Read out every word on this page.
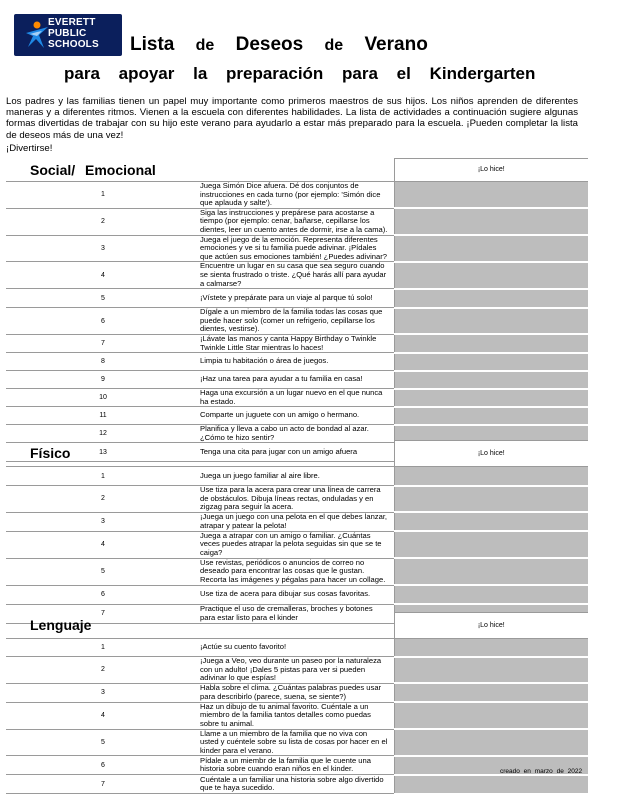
EVERETT
PUBLIC
SCHOOLS Lista de Deseos de Verano
para apoyar la preparación para el Kindergarten
Los padres y las familias tienen un papel muy importante como primeros maestros de sus hijos. Los niños aprenden de diferentes maneras y a diferentes ritmos. Vienen a la escuela con diferentes habilidades. La lista de actividades a continuación sugiere algunas formas divertidas de trabajar con su hijo este verano para ayudarlo a estar más preparado para la escuela. ¡Pueden completar la lista de deseos más de una vez!
¡Divertirse!
Social/ Emocional		¡Lo hice!
1	Juega Simón Dice afuera. Dé dos conjuntos de instrucciones en cada turno (por ejemplo: 'Simón dice que aplauda y salte').	
2	Siga las instrucciones y prepárese para acostarse a tiempo (por ejemplo: cenar, bañarse, cepillarse los dientes, leer un cuento antes de dormir, irse a la cama).	
3	Juega el juego de la emoción. Representa diferentes emociones y ve si tu familia puede adivinar. ¡Pídales que actúen sus emociones también! ¿Puedes adivinar?	
4	Encuentre un lugar en su casa que sea seguro cuando se sienta frustrado o triste. ¿Qué harás allí para ayudar a calmarse?	
5	¡Vístete y prepárate para un viaje al parque tú solo!	
6	Dígale a un miembro de la familia todas las cosas que puede hacer solo (comer un refrigerio, cepillarse los dientes, vestirse).	
7	¡Lávate las manos y canta Happy Birthday o Twinkle Twinkle Little Star mientras lo haces!	
8	Limpia tu habitación o área de juegos.	
9	¡Haz una tarea para ayudar a tu familia en casa!	
10	Haga una excursión a un lugar nuevo en el que nunca ha estado.	
11	Comparte un juguete con un amigo o hermano.	
12	Planifica y lleva a cabo un acto de bondad al azar. ¿Cómo te hizo sentir?	
13	Tenga una cita para jugar con un amigo afuera	
Físico		¡Lo hice!
1	Juega un juego familiar al aire libre.	
2	Use tiza para la acera para crear una línea de carrera de obstáculos. Dibuja líneas rectas, onduladas y en zigzag para seguir la acera.	
3	¡Juega un juego con una pelota en el que debes lanzar, atrapar y patear la pelota!	
4	Juega a atrapar con un amigo o familiar. ¿Cuántas veces puedes atrapar la pelota seguidas sin que se te caiga?	
5	Use revistas, periódicos o anuncios de correo no deseado para encontrar las cosas que le gustan. Recorta las imágenes y pégalas para hacer un collage.	
6	Use tiza de acera para dibujar sus cosas favoritas.	
7	Practique el uso de cremalleras, broches y botones para estar listo para el kinder	
Lenguaje		¡Lo hice!
1	¡Actúe su cuento favorito!	
2	¡Juega a Veo, veo durante un paseo por la naturaleza con un adulto! ¡Dales 5 pistas para ver si pueden adivinar lo que espías!	
3	Habla sobre el clima. ¿Cuántas palabras puedes usar para describirlo (parece, suena, se siente?)	
4	Haz un dibujo de tu animal favorito. Cuéntale a un miembro de la familia tantos detalles como puedas sobre tu animal.	
5	Llame a un miembro de la familia que no viva con usted y cuéntele sobre su lista de cosas por hacer en el kinder para el verano.	
6	Pídale a un miembr de la familia que le cuente una historia sobre cuando eran niños en el kinder.	
7	Cuéntale a un familiar una historia sobre algo divertido que te haya sucedido.	
creado en marzo de 2022
